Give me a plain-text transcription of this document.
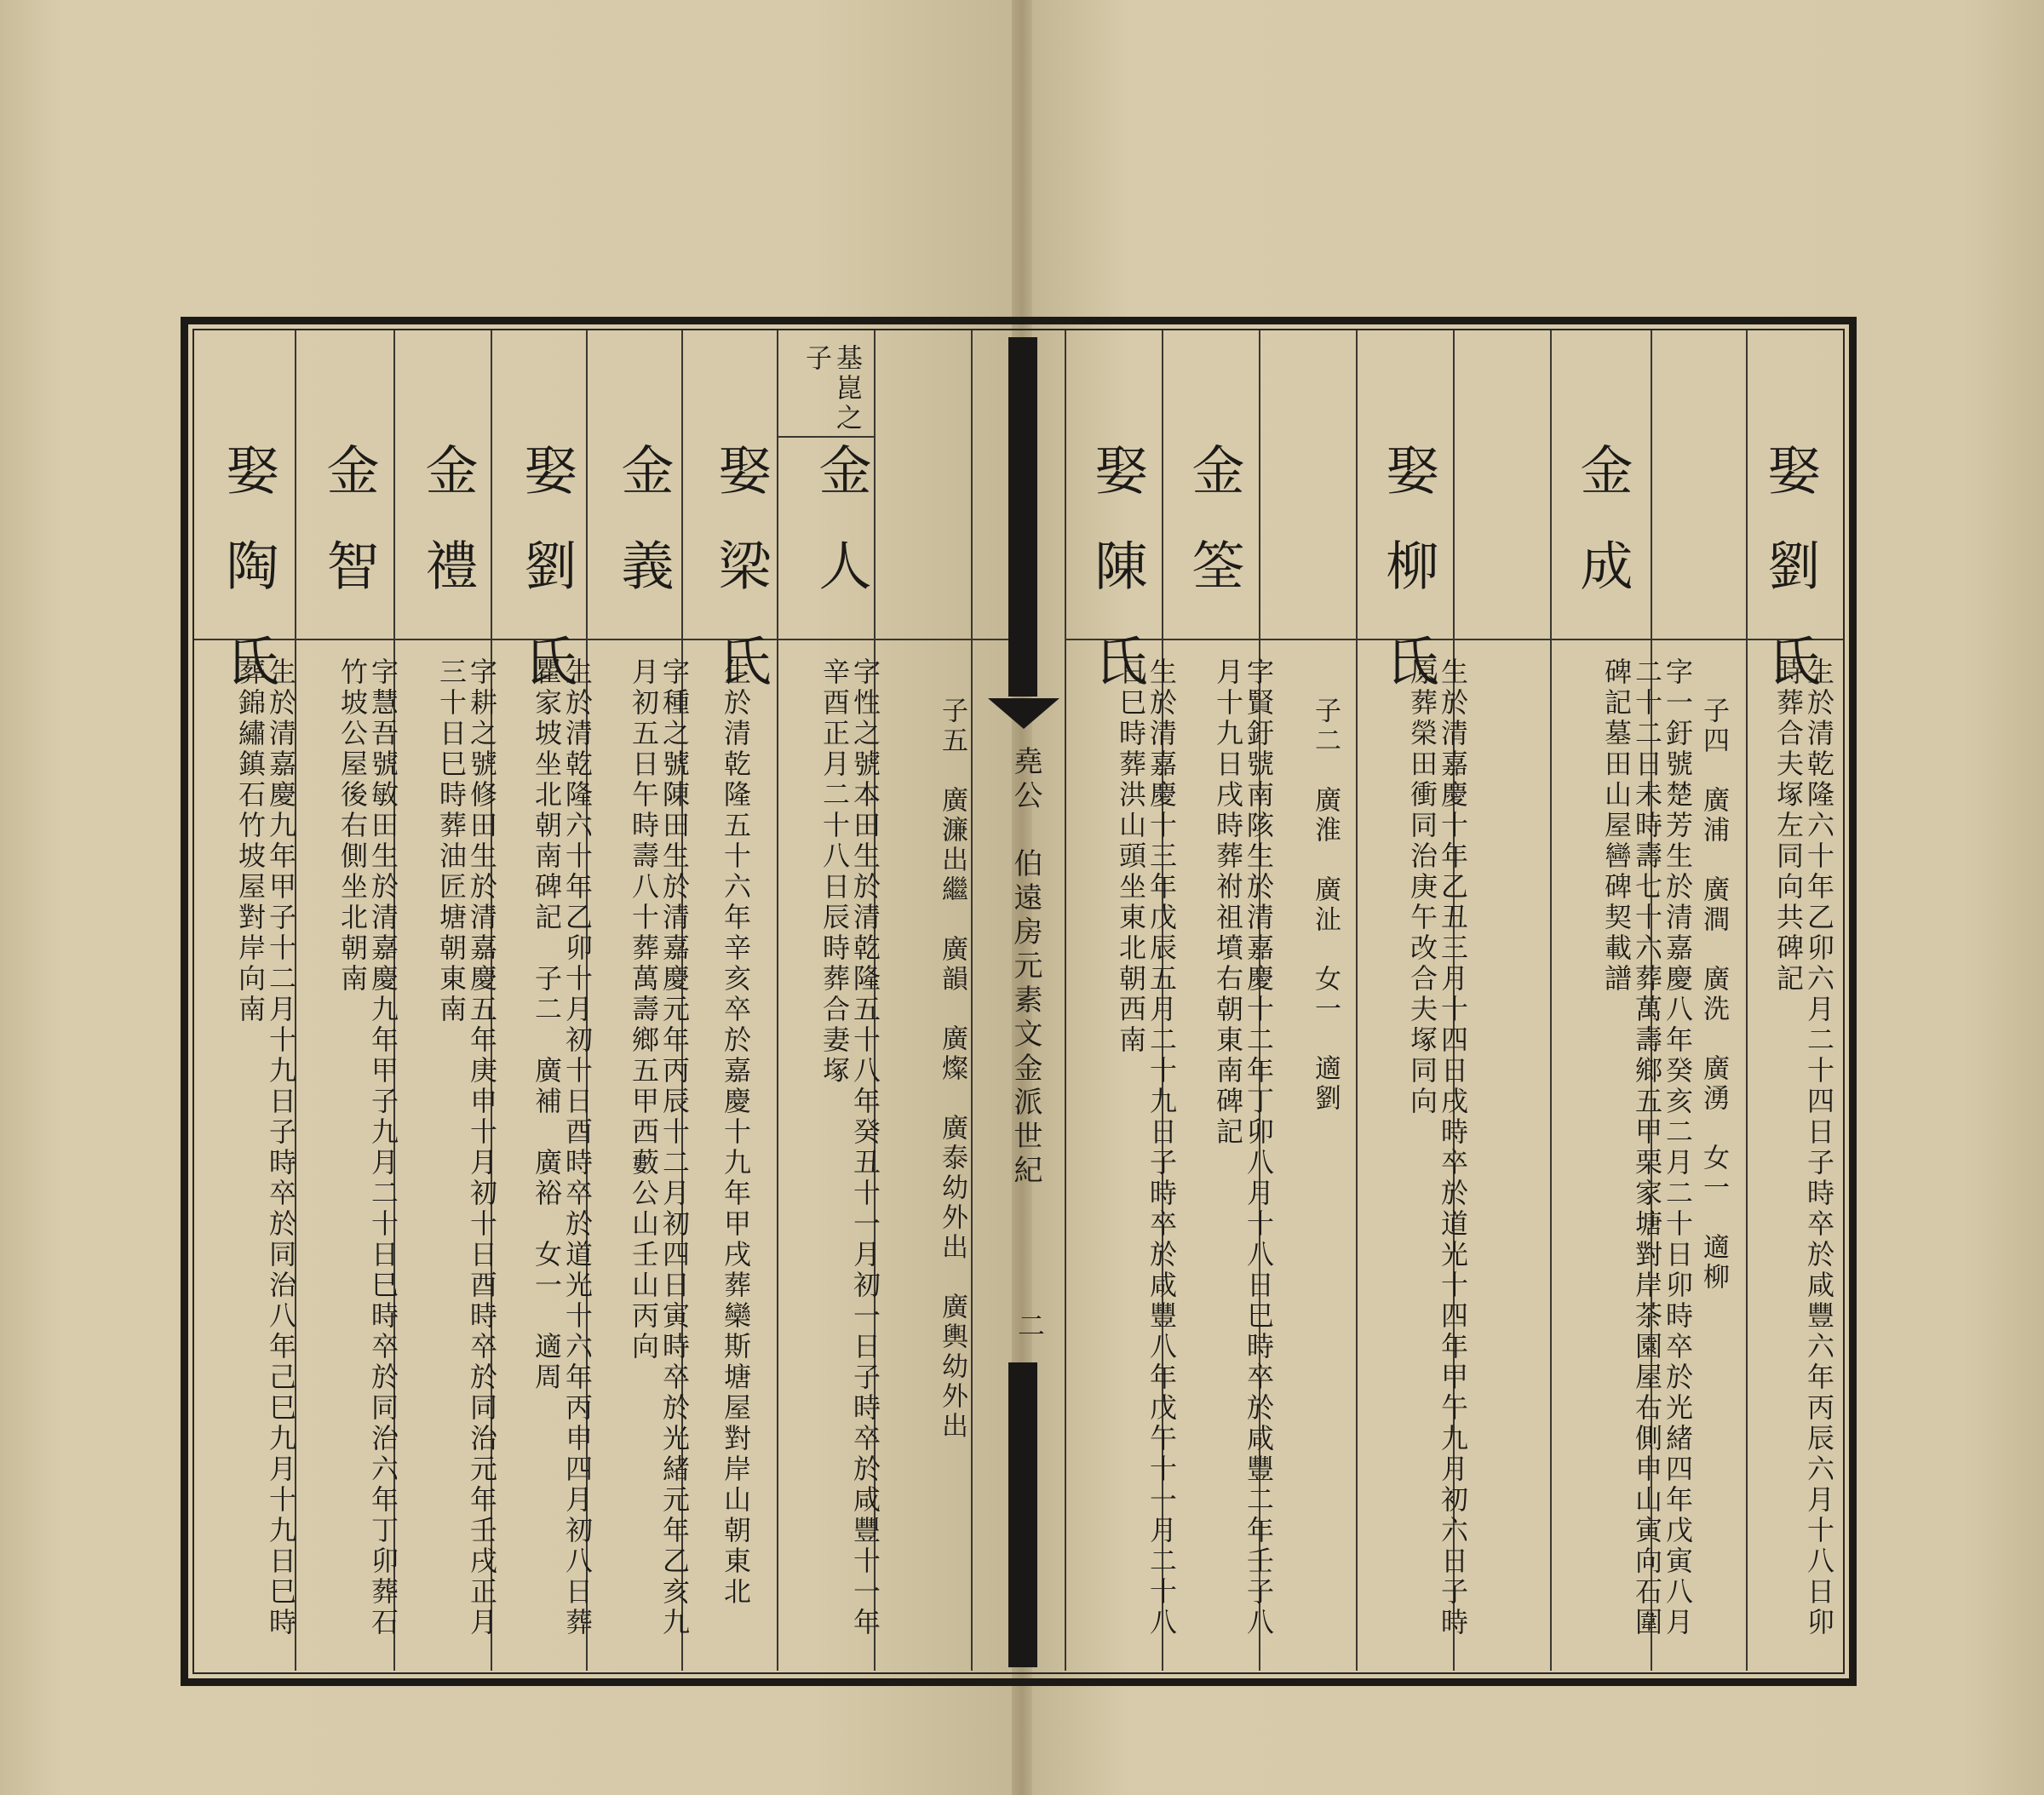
堯公　伯遠房元素文金派世紀
二
娶劉氏
生於清乾隆六十年乙卯六月二十四日子時卒於咸豐六年丙辰六月十八日卯時葬合夫塚左同向共碑記
子四　廣浦　廣澗　廣洗　廣湧　女一　適柳
金成
字一釪號楚芳生於清嘉慶八年癸亥二月二十日卯時卒於光緒四年戊寅八月二十二日未時壽七十六葬萬壽鄉五甲栗家塘對岸茶園屋右側申山寅向石圍碑記墓田山屋㘘碑契載譜
娶柳氏
生於清嘉慶十年乙丑三月十四日戌時卒於道光十四年甲午九月初六日子時原葬榮田衝同治庚午改合夫塚同向
子二　廣淮　廣沚　女一　適劉
金筌
字賢釪號南陔生於清嘉慶十二年丁卯八月十八日巳時卒於咸豐二年壬子八月十九日戌時葬祔祖墳右朝東南碑記
娶陳氏
生於清嘉慶十三年戊辰五月二十九日子時卒於咸豐八年戊午十一月二十八日巳時葬洪山頭坐東北朝西南
子五　廣濂出繼　廣韻　廣燦　廣泰幼外出　廣輿幼外出
基崑之子
金人
字性之號本田生於清乾隆五十八年癸丑十一月初一日子時卒於咸豐十一年辛酉正月二十八日辰時葬合妻塚
娶梁氏
生於清乾隆五十六年辛亥卒於嘉慶十九年甲戌葬欒斯塘屋對岸山朝東北
金義
字種之號陳田生於清嘉慶元年丙辰十二月初四日寅時卒於光緒元年乙亥九月初五日午時壽八十葬萬壽鄉五甲西藪公山壬山丙向
娶劉氏
生於清乾隆六十年乙卯十月初十日酉時卒於道光十六年丙申四月初八日葬瞿家坡坐北朝南碑記　子二　廣補　廣裕　女一　適周
金禮
字耕之號修田生於清嘉慶五年庚申十月初十日酉時卒於同治元年壬戌正月三十日巳時葬油匠塘朝東南
金智
字慧吾號敏田生於清嘉慶九年甲子九月二十日巳時卒於同治六年丁卯葬石竹坡公屋後右側坐北朝南
娶陶氏
生於清嘉慶九年甲子十二月十九日子時卒於同治八年己巳九月十九日巳時葬錦繡鎮石竹坡屋對岸向南
